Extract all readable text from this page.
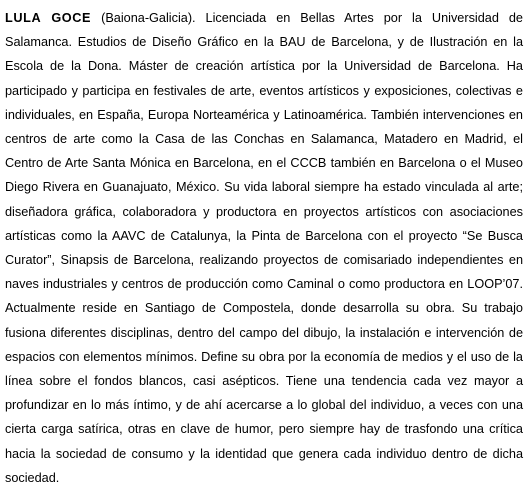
LULA GOCE (Baiona-Galicia). Licenciada en Bellas Artes por la Universidad de Salamanca. Estudios de Diseño Gráfico en la BAU de Barcelona, y de Ilustración en la Escola de la Dona. Máster de creación artística por la Universidad de Barcelona. Ha participado y participa en festivales de arte, eventos artísticos y exposiciones, colectivas e individuales, en España, Europa Norteamérica y Latinoamérica. También intervenciones en centros de arte como la Casa de las Conchas en Salamanca, Matadero en Madrid, el Centro de Arte Santa Mónica en Barcelona, en el CCCB también en Barcelona o el Museo Diego Rivera en Guanajuato, México. Su vida laboral siempre ha estado vinculada al arte; diseñadora gráfica, colaboradora y productora en proyectos artísticos con asociaciones artísticas como la AAVC de Catalunya, la Pinta de Barcelona con el proyecto “Se Busca Curator”, Sinapsis de Barcelona, realizando proyectos de comisariado independientes en naves industriales y centros de producción como Caminal o como productora en LOOP’07. Actualmente reside en Santiago de Compostela, donde desarrolla su obra. Su trabajo fusiona diferentes disciplinas, dentro del campo del dibujo, la instalación e intervención de espacios con elementos mínimos. Define su obra por la economía de medios y el uso de la línea sobre el fondos blancos, casi asépticos. Tiene una tendencia cada vez mayor a profundizar en lo más íntimo, y de ahí acercarse a lo global del individuo, a veces con una cierta carga satírica, otras en clave de humor, pero siempre hay de trasfondo una crítica hacia la sociedad de consumo y la identidad que genera cada individuo dentro de dicha sociedad.
